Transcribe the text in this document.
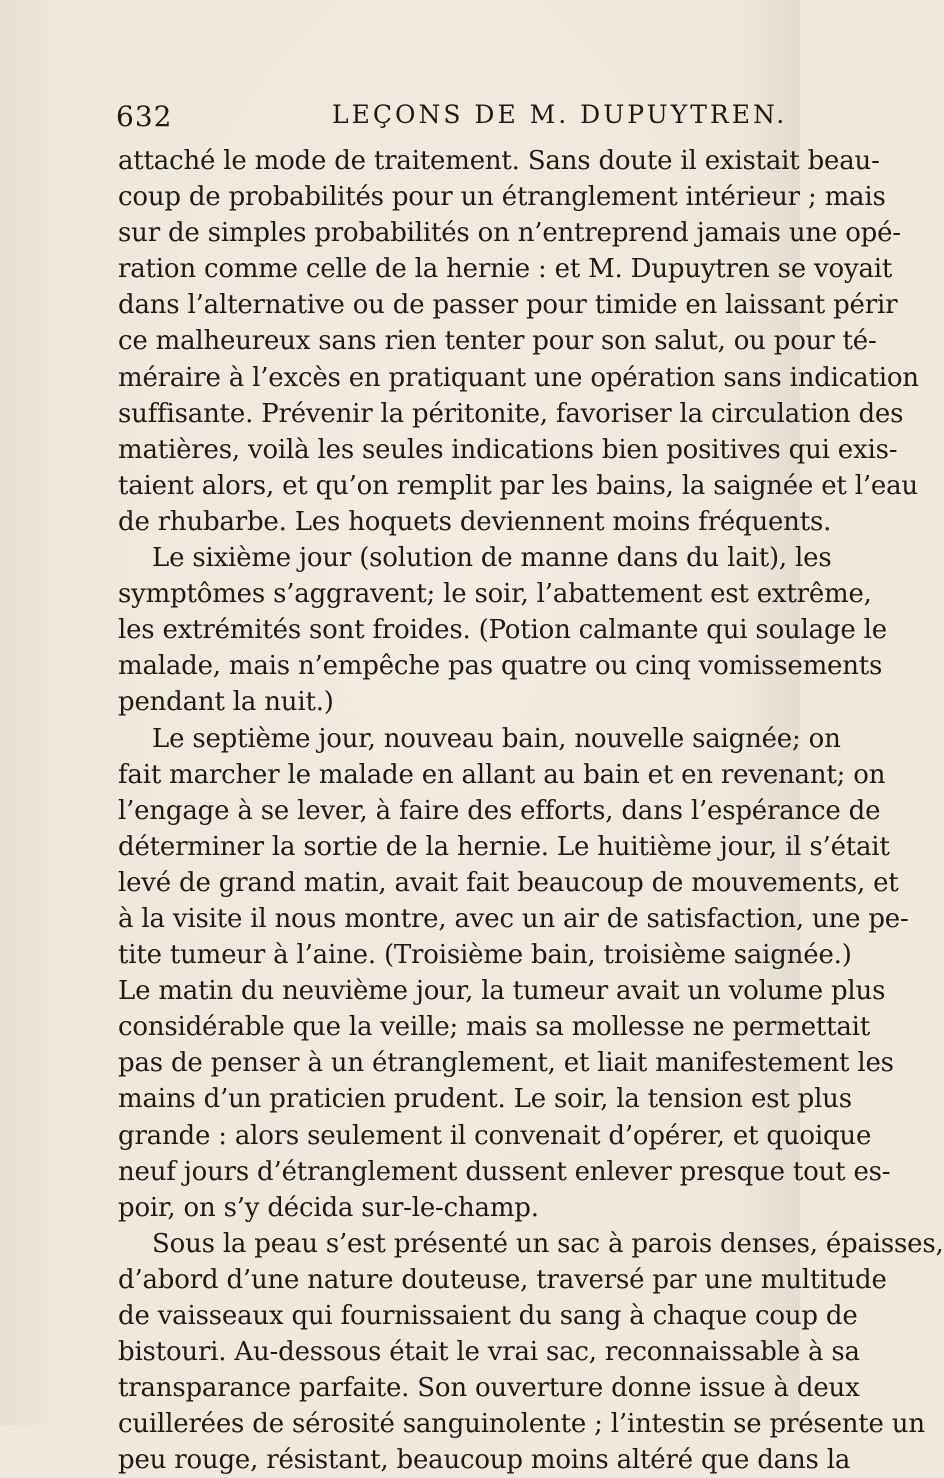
632	LEÇONS DE M. DUPUYTREN.
attaché le mode de traitement. Sans doute il existait beau-
coup de probabilités pour un étranglement intérieur ; mais
sur de simples probabilités on n’entreprend jamais une opé-
ration comme celle de la hernie : et M. Dupuytren se voyait
dans l’alternative ou de passer pour timide en laissant périr
ce malheureux sans rien tenter pour son salut, ou pour té-
méraire à l’excès en pratiquant une opération sans indication
suffisante. Prévenir la péritonite, favoriser la circulation des
matières, voilà les seules indications bien positives qui exis-
taient alors, et qu’on remplit par les bains, la saignée et l’eau
de rhubarbe. Les hoquets deviennent moins fréquents.
Le sixième jour (solution de manne dans du lait), les
symptômes s’aggravent; le soir, l’abattement est extrême,
les extrémités sont froides. (Potion calmante qui soulage le
malade, mais n’empêche pas quatre ou cinq vomissements
pendant la nuit.)
Le septième jour, nouveau bain, nouvelle saignée; on
fait marcher le malade en allant au bain et en revenant; on
l’engage à se lever, à faire des efforts, dans l’espérance de
déterminer la sortie de la hernie. Le huitième jour, il s’était
levé de grand matin, avait fait beaucoup de mouvements, et
à la visite il nous montre, avec un air de satisfaction, une pe-
tite tumeur à l’aine. (Troisième bain, troisième saignée.)
Le matin du neuvième jour, la tumeur avait un volume plus
considérable que la veille; mais sa mollesse ne permettait
pas de penser à un étranglement, et liait manifestement les
mains d’un praticien prudent. Le soir, la tension est plus
grande : alors seulement il convenait d’opérer, et quoique
neuf jours d’étranglement dussent enlever presque tout es-
poir, on s’y décida sur-le-champ.
Sous la peau s’est présenté un sac à parois denses, épaisses,
d’abord d’une nature douteuse, traversé par une multitude
de vaisseaux qui fournissaient du sang à chaque coup de
bistouri. Au-dessous était le vrai sac, reconnaissable à sa
transparance parfaite. Son ouverture donne issue à deux
cuillerées de sérosité sanguinolente ; l’intestin se présente un
peu rouge, résistant, beaucoup moins altéré que dans la
